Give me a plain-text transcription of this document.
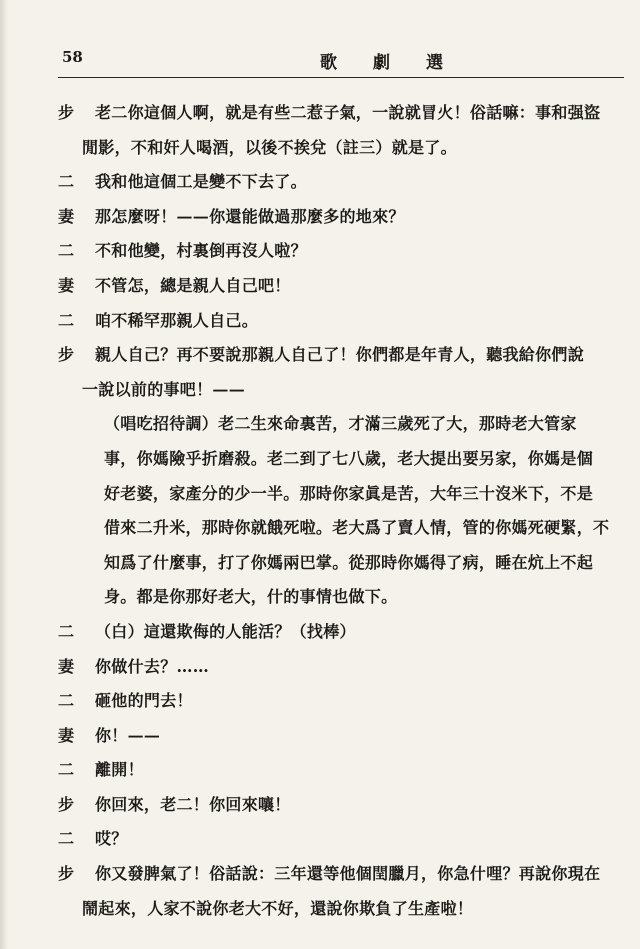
58	歌劇選
步 老二你這個人啊，就是有些二惹子氣，一說就冒火！俗話嘛：事和强盜
閒影，不和奸人喝酒，以後不挨兌（註三）就是了。
二 我和他這個工是變不下去了。
妻 那怎麼呀！——你還能做過那麼多的地來？
二 不和他變，村裏倒再沒人啦？
妻 不管怎，總是親人自己吧！
二 咱不稀罕那親人自己。
步 親人自己？再不要說那親人自己了！你們都是年青人，聽我給你們說
一說以前的事吧！——
（唱吃招待調）老二生來命裏苦，才滿三歲死了大，那時老大管家
事，你媽險乎折磨殺。老二到了七八歲，老大提出要另家，你媽是個
好老婆，家產分的少一半。那時你家眞是苦，大年三十沒米下，不是
借來二升米，那時你就餓死啦。老大爲了賣人情，管的你媽死硬緊，不
知爲了什麼事，打了你媽兩巴掌。從那時你媽得了病，睡在炕上不起
身。都是你那好老大，什的事情也做下。
二 （白）這還欺侮的人能活？（找棒）
妻 你做什去？……
二 砸他的門去！
妻 你！——
二 離開！
步 你回來，老二！你回來嚷！
二 哎？
步 你又發脾氣了！俗話說：三年還等他個閏臘月，你急什哩？再說你現在
鬧起來，人家不說你老大不好，還說你欺負了生產啦！
